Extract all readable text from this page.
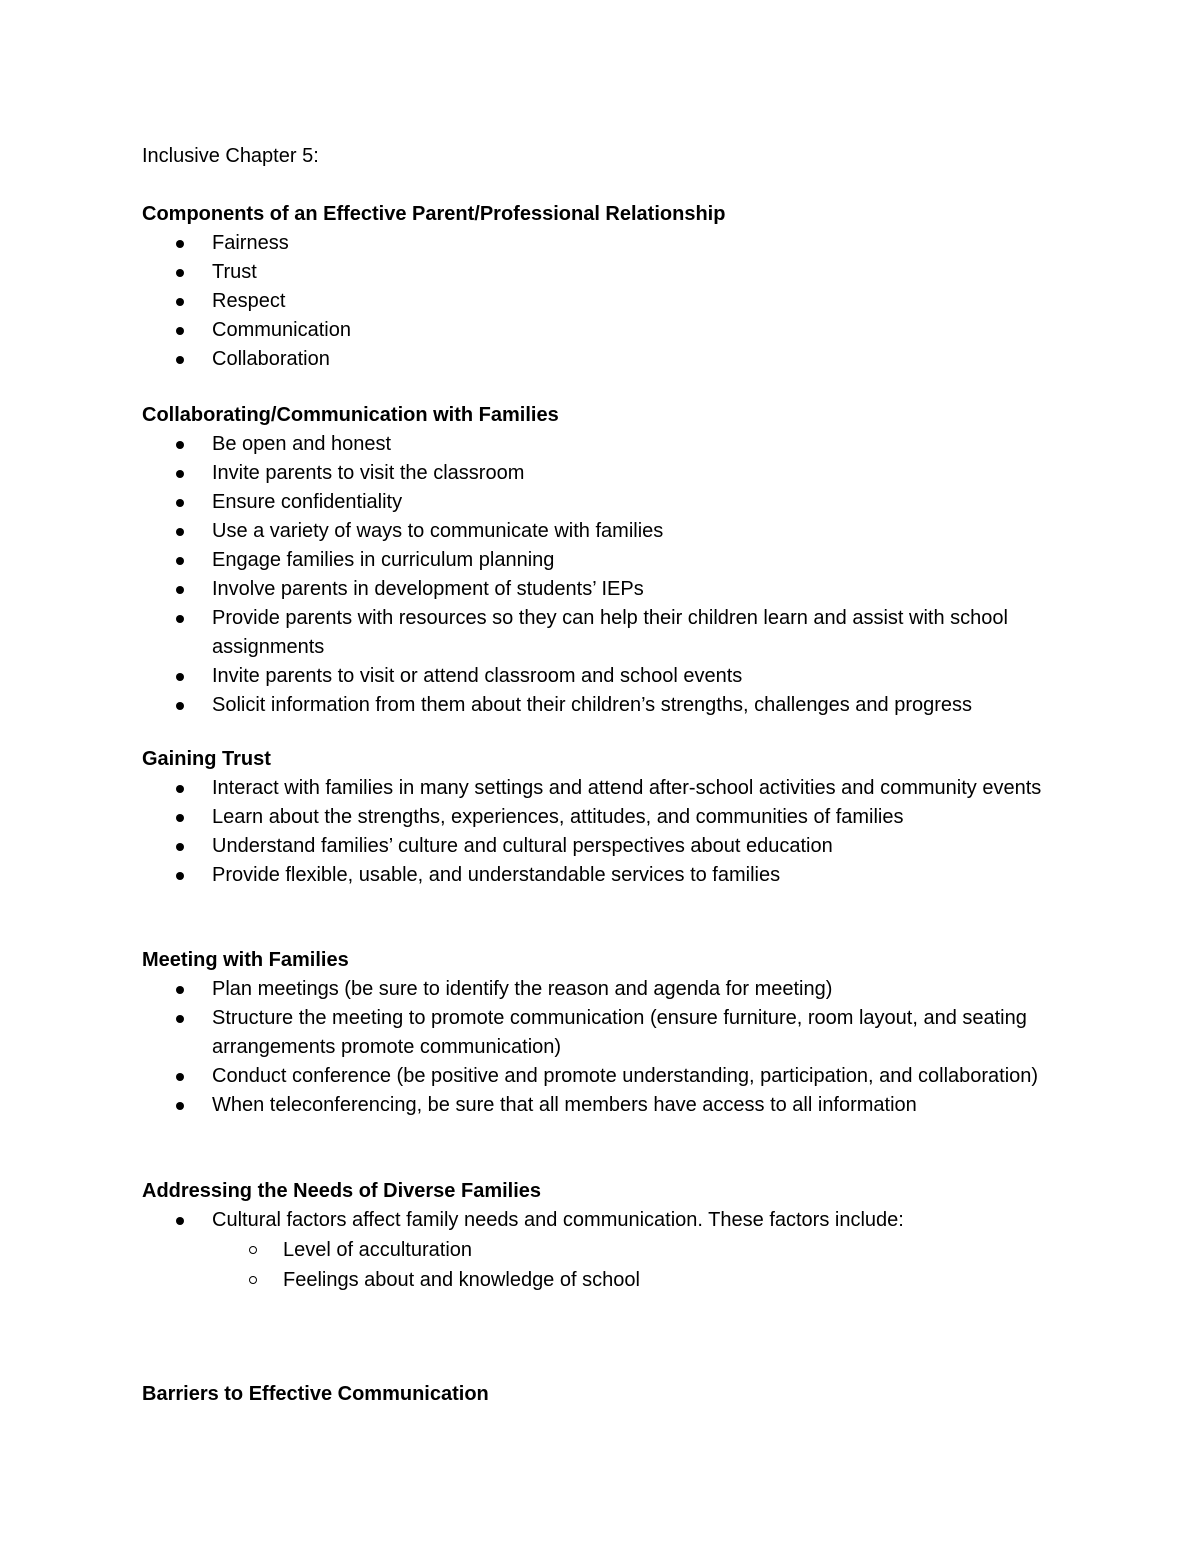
Inclusive Chapter 5:
Components of an Effective Parent/Professional Relationship
Fairness
Trust
Respect
Communication
Collaboration
Collaborating/Communication with Families
Be open and honest
Invite parents to visit the classroom
Ensure confidentiality
Use a variety of ways to communicate with families
Engage families in curriculum planning
Involve parents in development of students’ IEPs
Provide parents with resources so they can help their children learn and assist with school assignments
Invite parents to visit or attend classroom and school events
Solicit information from them about their children’s strengths, challenges and progress
Gaining Trust
Interact with families in many settings and attend after-school activities and community events
Learn about the strengths, experiences, attitudes, and communities of families
Understand families’ culture and cultural perspectives about education
Provide flexible, usable, and understandable services to families
Meeting with Families
Plan meetings (be sure to identify the reason and agenda for meeting)
Structure the meeting to promote communication (ensure furniture, room layout, and seating arrangements promote communication)
Conduct conference (be positive and promote understanding, participation, and collaboration)
When teleconferencing, be sure that all members have access to all information
Addressing the Needs of Diverse Families
Cultural factors affect family needs and communication. These factors include:
Level of acculturation
Feelings about and knowledge of school
Barriers to Effective Communication
